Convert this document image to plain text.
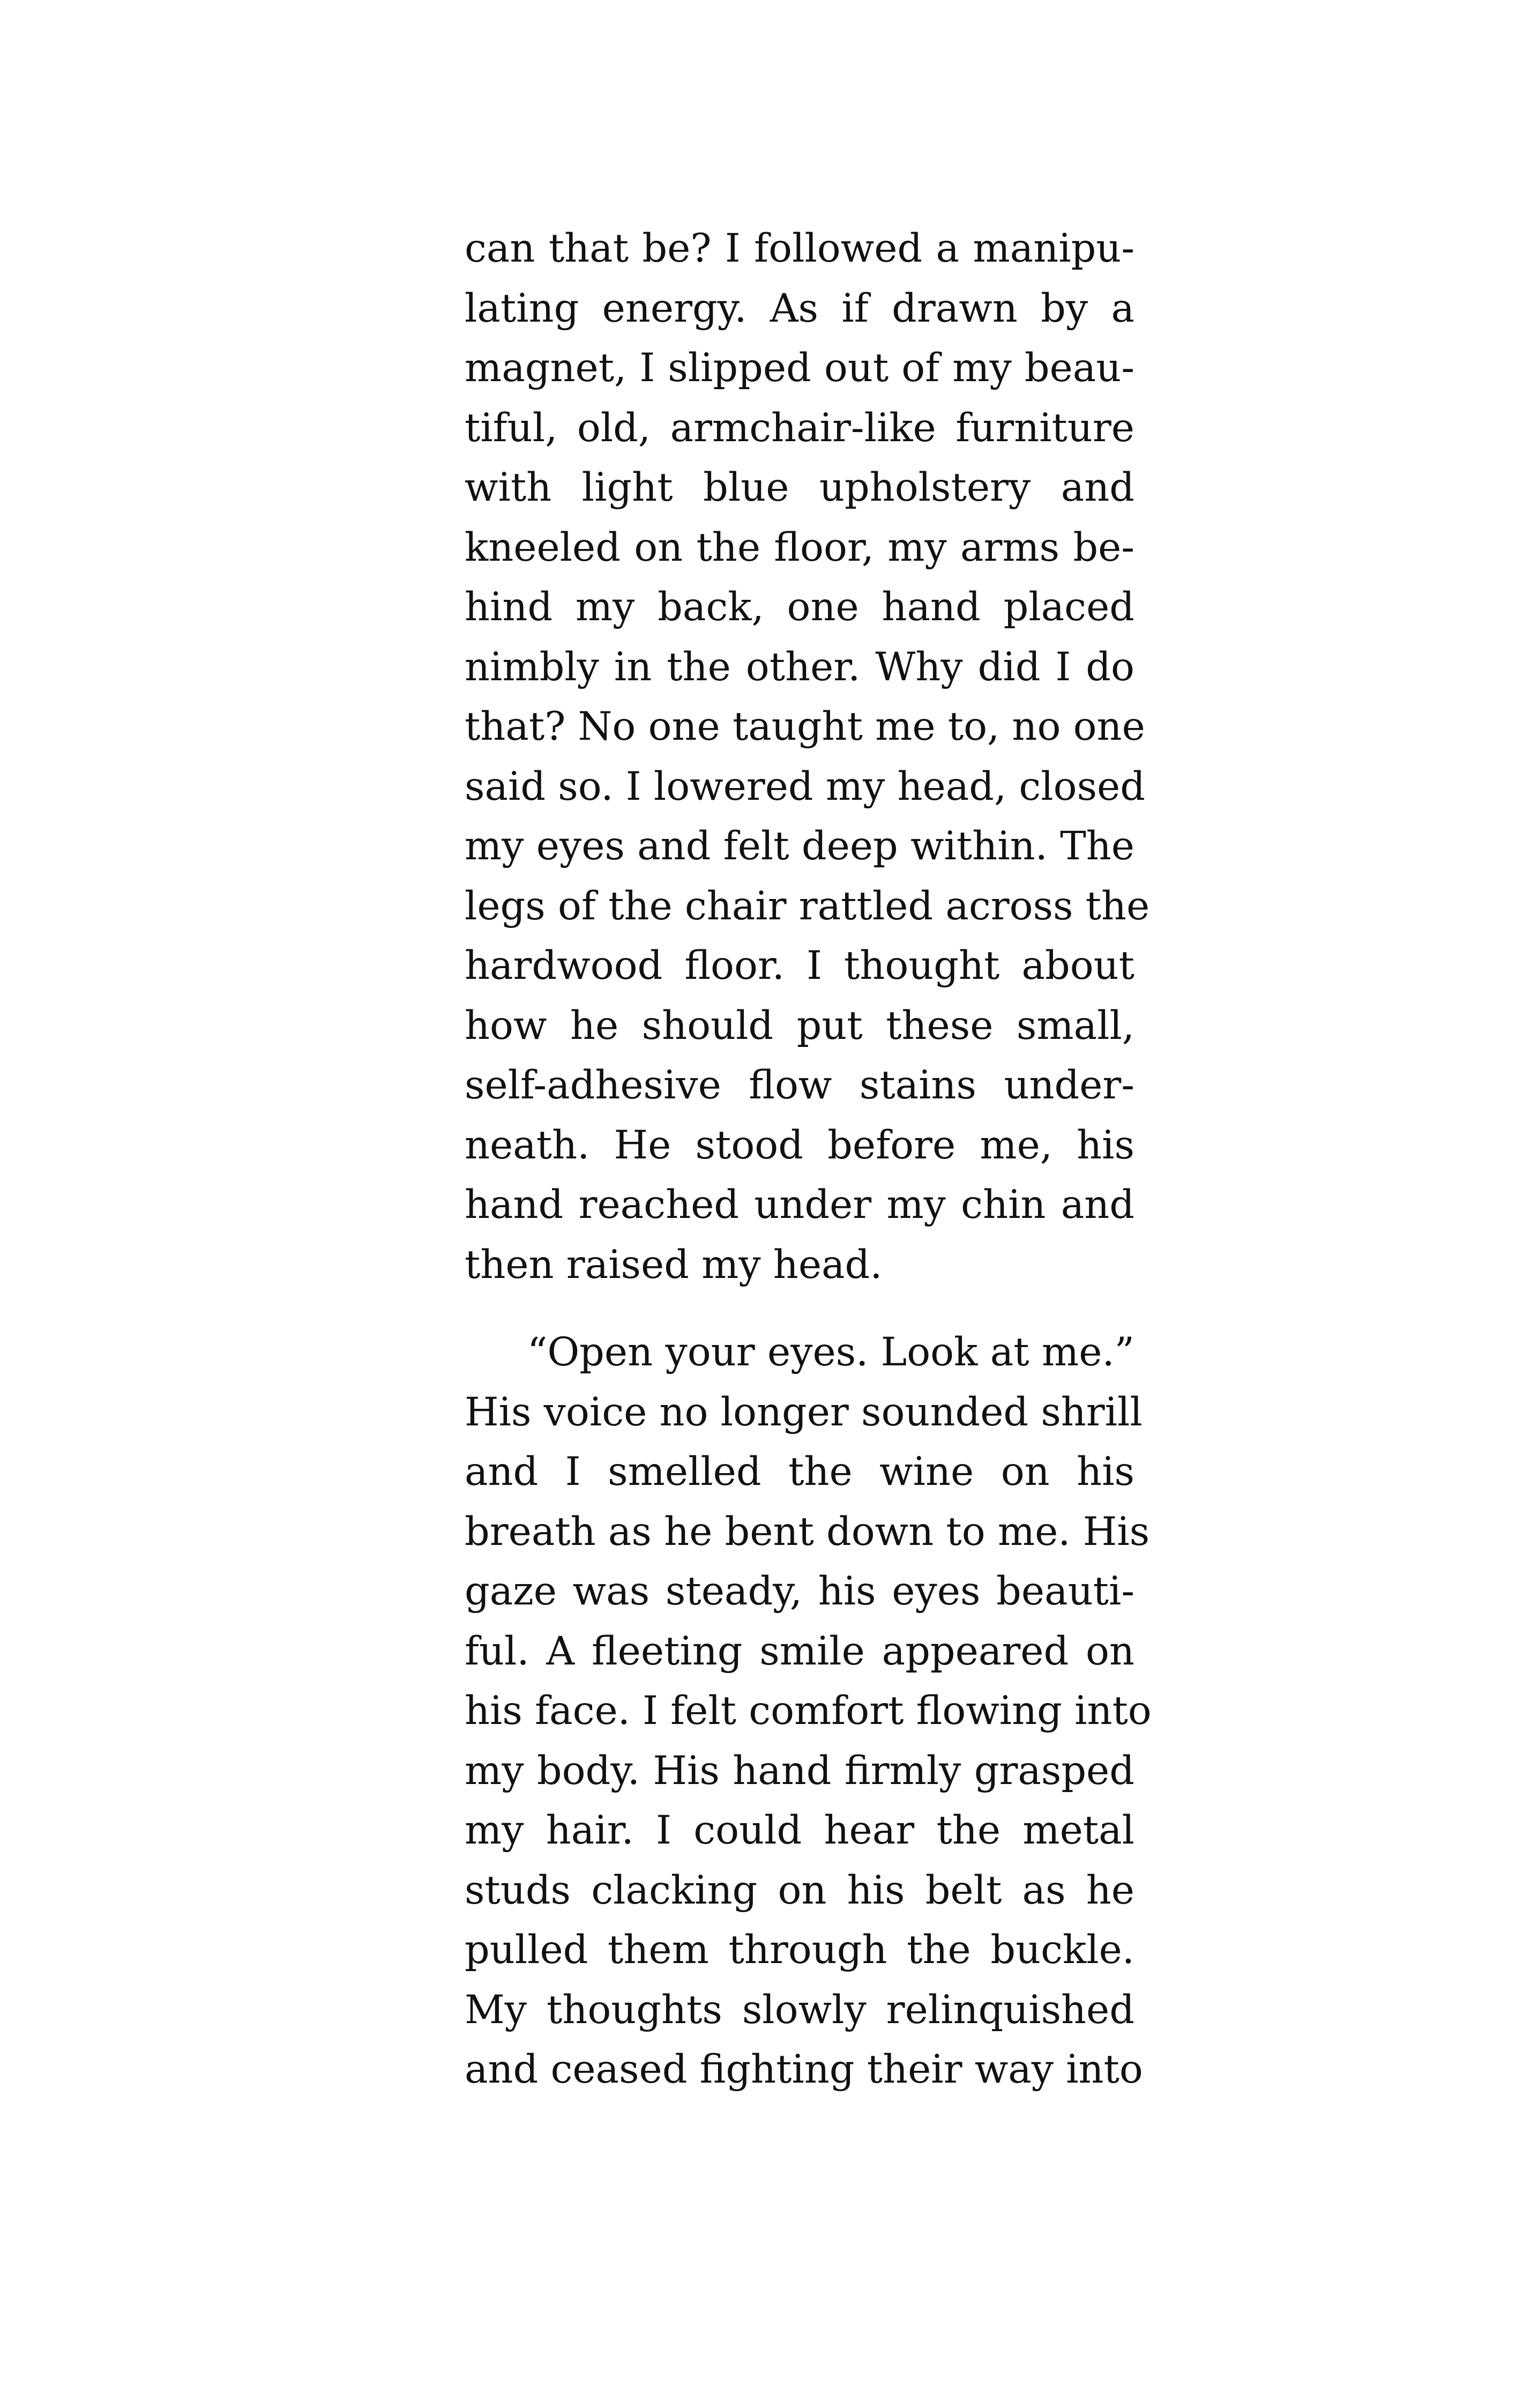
can that be? I followed a manipu-
lating energy. As if drawn by a
magnet, I slipped out of my beau-
tiful, old, armchair-like furniture
with light blue upholstery and
kneeled on the floor, my arms be-
hind my back, one hand placed
nimbly in the other. Why did I do
that? No one taught me to, no one
said so. I lowered my head, closed
my eyes and felt deep within. The
legs of the chair rattled across the
hardwood floor. I thought about
how he should put these small,
self-adhesive flow stains under-
neath. He stood before me, his
hand reached under my chin and
then raised my head.
“Open your eyes. Look at me.”
His voice no longer sounded shrill
and I smelled the wine on his
breath as he bent down to me. His
gaze was steady, his eyes beauti-
ful. A fleeting smile appeared on
his face. I felt comfort flowing into
my body. His hand firmly grasped
my hair. I could hear the metal
studs clacking on his belt as he
pulled them through the buckle.
My thoughts slowly relinquished
and ceased fighting their way into
